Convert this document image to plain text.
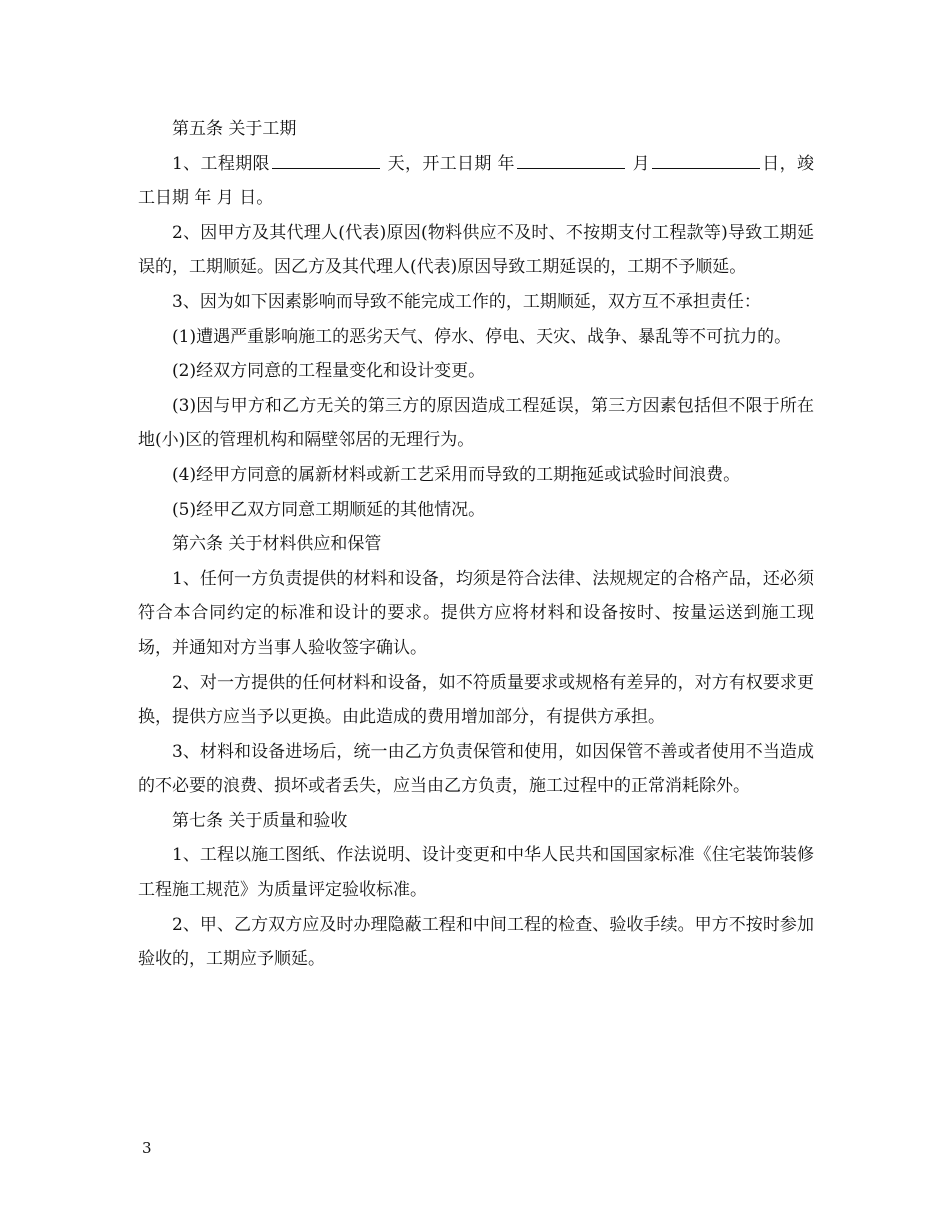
第五条 关于工期

1、工程期限	天，开工日期 年	月	日，竣工日期 年 月 日。

2、因甲方及其代理人(代表)原因(物料供应不及时、不按期支付工程款等)导致工期延误的，工期顺延。因乙方及其代理人(代表)原因导致工期延误的，工期不予顺延。

3、因为如下因素影响而导致不能完成工作的，工期顺延，双方互不承担责任：

(1)遭遇严重影响施工的恶劣天气、停水、停电、天灾、战争、暴乱等不可抗力的。

(2)经双方同意的工程量变化和设计变更。

(3)因与甲方和乙方无关的第三方的原因造成工程延误，第三方因素包括但不限于所在地(小)区的管理机构和隔壁邻居的无理行为。

(4)经甲方同意的属新材料或新工艺采用而导致的工期拖延或试验时间浪费。

(5)经甲乙双方同意工期顺延的其他情况。

第六条 关于材料供应和保管

1、任何一方负责提供的材料和设备，均须是符合法律、法规规定的合格产品，还必须符合本合同约定的标准和设计的要求。提供方应将材料和设备按时、按量运送到施工现场，并通知对方当事人验收签字确认。

2、对一方提供的任何材料和设备，如不符质量要求或规格有差异的，对方有权要求更换，提供方应当予以更换。由此造成的费用增加部分，有提供方承担。

3、材料和设备进场后，统一由乙方负责保管和使用，如因保管不善或者使用不当造成的不必要的浪费、损坏或者丢失，应当由乙方负责，施工过程中的正常消耗除外。

第七条 关于质量和验收

1、工程以施工图纸、作法说明、设计变更和中华人民共和国国家标准《住宅装饰装修工程施工规范》为质量评定验收标准。

2、甲、乙方双方应及时办理隐蔽工程和中间工程的检查、验收手续。甲方不按时参加验收的，工期应予顺延。

3
